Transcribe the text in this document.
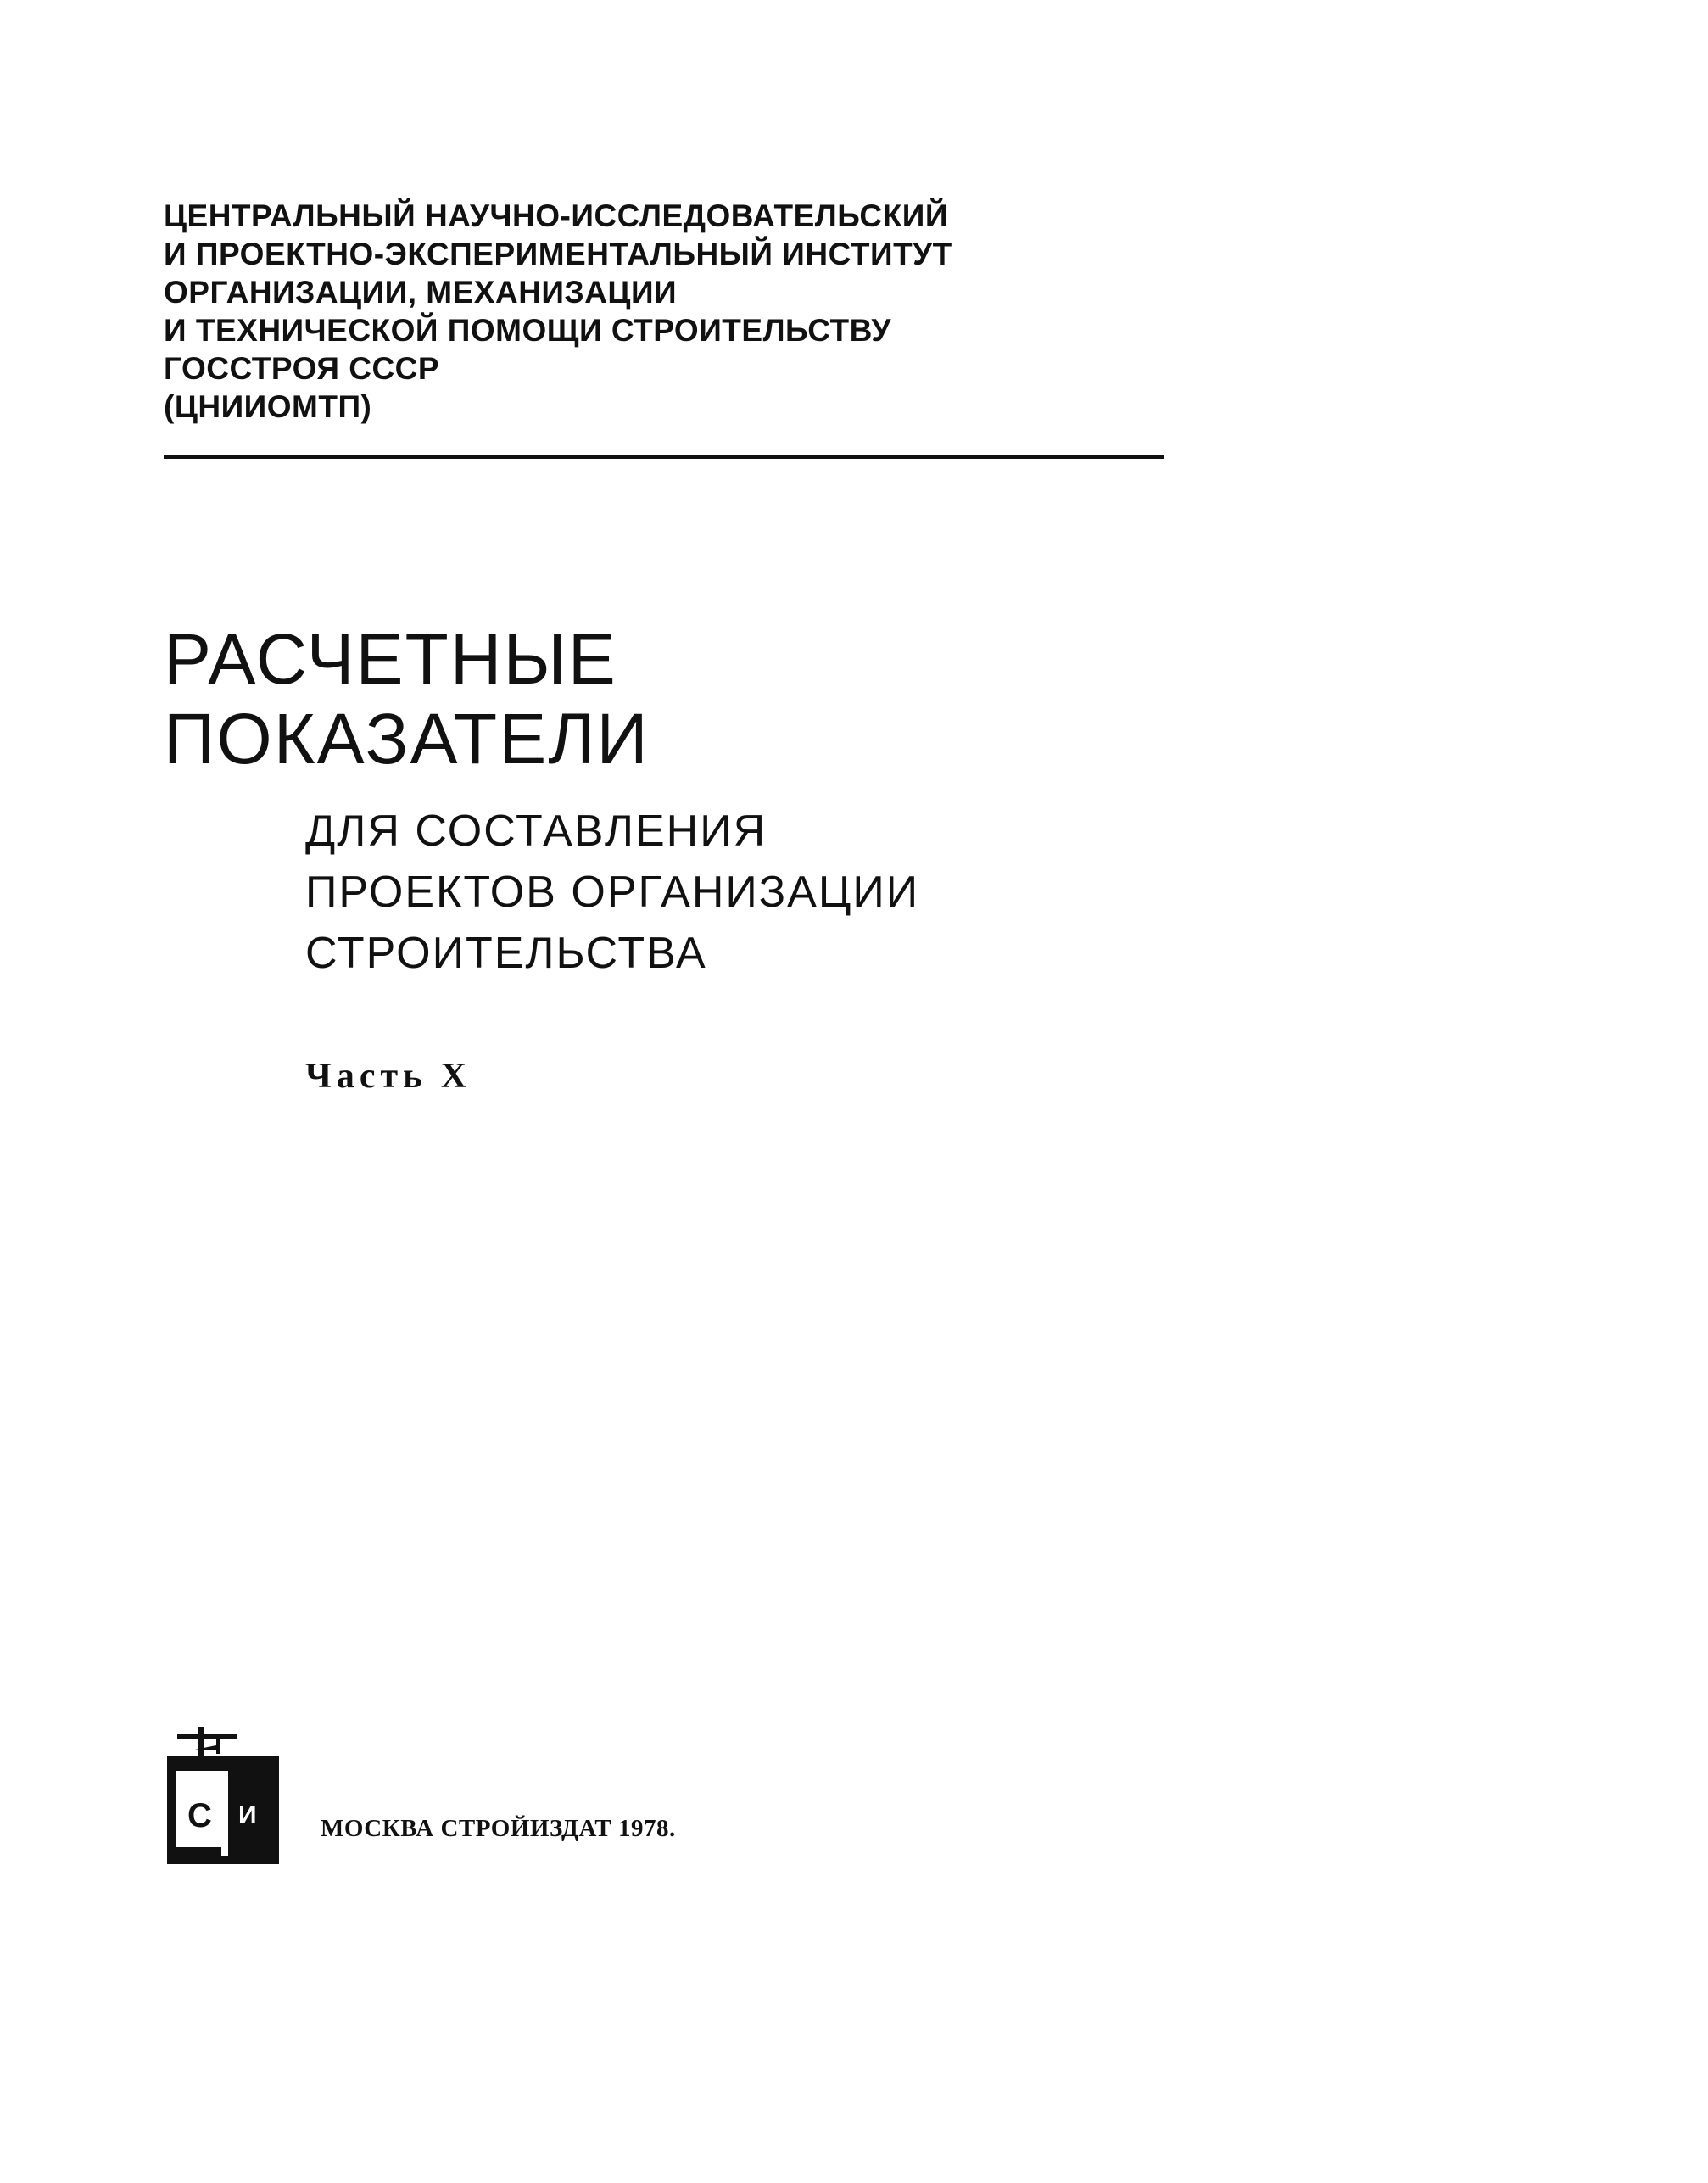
ЦЕНТРАЛЬНЫЙ НАУЧНО-ИССЛЕДОВАТЕЛЬСКИЙ
И ПРОЕКТНО-ЭКСПЕРИМЕНТАЛЬНЫЙ ИНСТИТУТ
ОРГАНИЗАЦИИ, МЕХАНИЗАЦИИ
И ТЕХНИЧЕСКОЙ ПОМОЩИ СТРОИТЕЛЬСТВУ
ГОССТРОЯ СССР
(ЦНИИОМТП)
РАСЧЕТНЫЕ
ПОКАЗАТЕЛИ
ДЛЯ СОСТАВЛЕНИЯ
ПРОЕКТОВ ОРГАНИЗАЦИИ
СТРОИТЕЛЬСТВА
Часть X
С И	МОСКВА СТРОЙИЗДАТ 1978.
